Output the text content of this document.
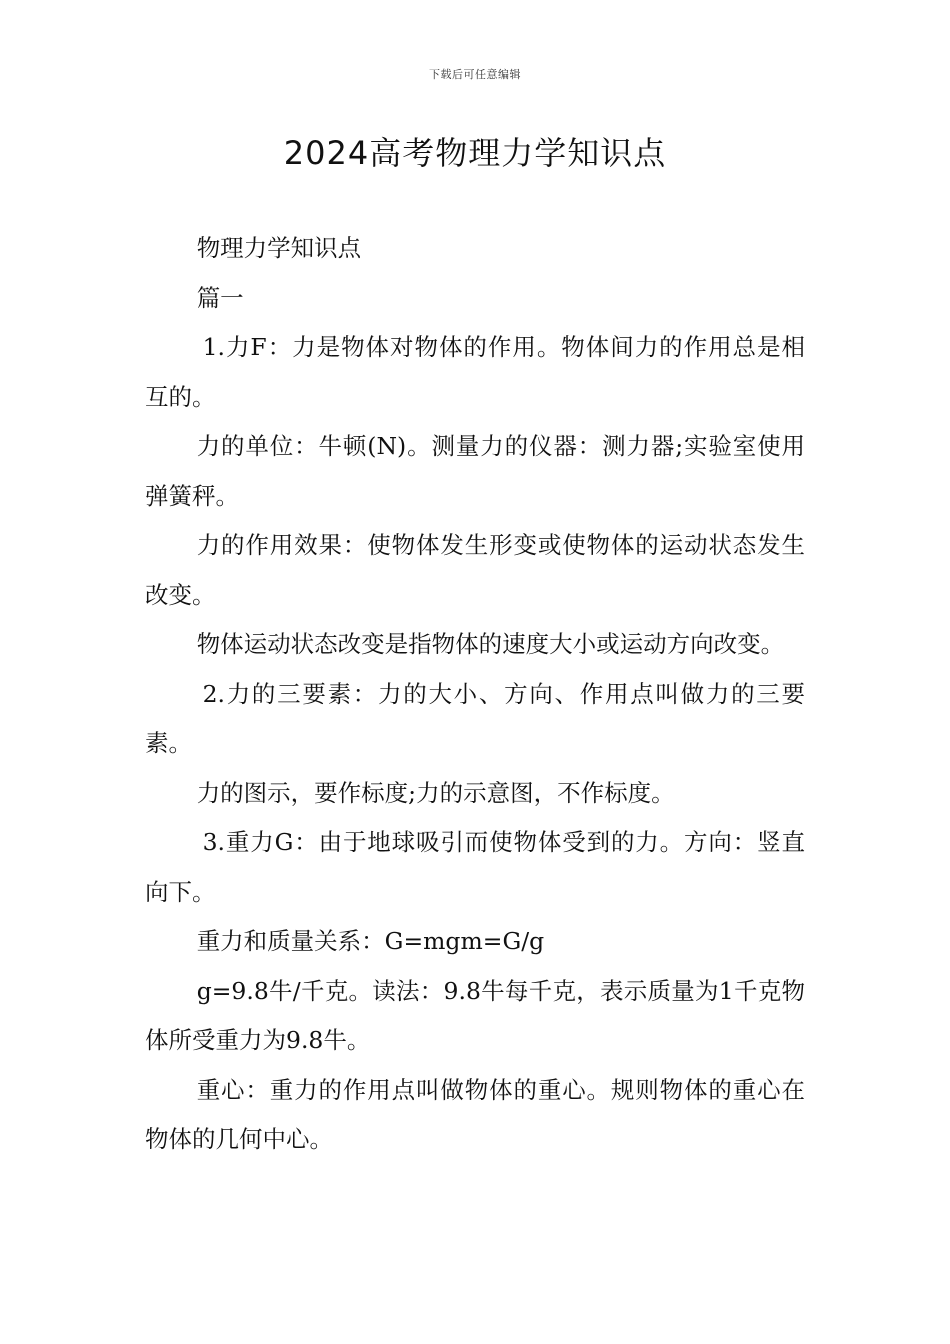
下载后可任意编辑
2024高考物理力学知识点

物理力学知识点

篇一

1.力F：力是物体对物体的作用。物体间力的作用总是相互的。

力的单位：牛顿(N)。测量力的仪器：测力器;实验室使用弹簧秤。

力的作用效果：使物体发生形变或使物体的运动状态发生改变。

物体运动状态改变是指物体的速度大小或运动方向改变。

2.力的三要素：力的大小、方向、作用点叫做力的三要素。

力的图示，要作标度;力的示意图，不作标度。

3.重力G：由于地球吸引而使物体受到的力。方向：竖直向下。

重力和质量关系：G=mgm=G/g

g=9.8牛/千克。读法：9.8牛每千克，表示质量为1千克物体所受重力为9.8牛。

重心：重力的作用点叫做物体的重心。规则物体的重心在物体的几何中心。
